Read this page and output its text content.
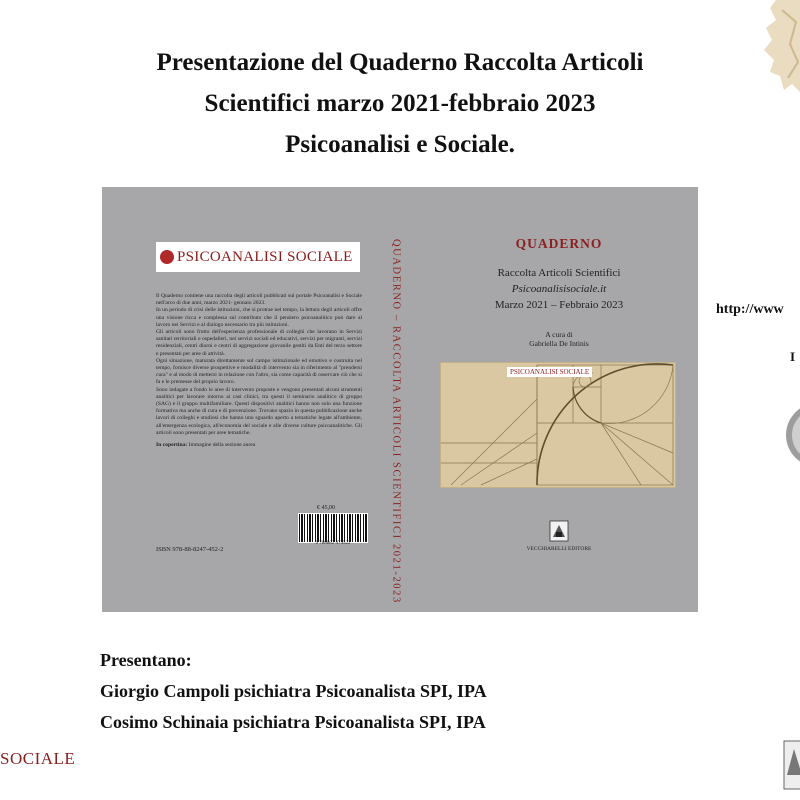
Presentazione del Quaderno Raccolta Articoli
Scientifici marzo 2021-febbraio 2023
Psicoanalisi e Sociale.
PSICOANALISI SOCIALE

Il Quaderno contiene una raccolta degli articoli pubblicati sul portale Psicoanalisi e Sociale nell'arco di due anni, marzo 2021- gennaio 2023.

In un periodo di crisi delle istituzioni, che si protrae nel tempo, la lettura degli articoli offre una visione ricca e complessa sul contributo che il pensiero psicoanalitico può dare al lavoro nei Servizi e al dialogo necessario tra più istituzioni.

Gli articoli sono frutto dell'esperienza professionale di colleghi che lavorano in Servizi sanitari territoriali e ospedalieri, nei servizi sociali ed educativi, servizi per migranti, servizi residenziali, centri diurni e centri di aggregazione giovanile gestiti da Enti del terzo settore e presentati per aree di attività.

Ogni situazione, maturata direttamente sul campo istituzionale ed emotivo e costruita nel tempo, fornisce diverse prospettive e modalità di intervento sia in riferimento al "prendersi cura" e al modo di mettersi in relazione con l'altro, sia come capacità di osservare ciò che si fa e le premesse del proprio lavoro.

Sono indagate a fondo le aree di intervento proposte e vengono presentati alcuni strumenti analitici per lavorare intorno ai casi clinici, tra questi il seminario analitico di gruppo (SAG) e il gruppo multifamiliare. Questi dispositivi analitici hanno non solo una funzione formativa ma anche di cura e di prevenzione. Trovano spazio in questa pubblicazione anche lavori di colleghi e studiosi che hanno uno sguardo aperto a tematiche legate all'ambiente, all'emergenza ecologica, all'economia del sociale e alle diverse culture psicoanalitiche. Gli articoli sono presentati per aree tematiche.

In copertina: Immagine della sezione aurea

€ 45,00
9 788882 474522
ISBN 978-88-8247-452-2	QUADERNO – RACCOLTA ARTICOLI SCIENTIFICI 2021-2023	QUADERNO
Raccolta Articoli Scientifici
Psicoanalisisociale.it
Marzo 2021 – Febbraio 2023
A cura di
Gabriella De Intinis
PSICOANALISI SOCIALE
VECCHIARELLI EDITORE
http://www
I
Presentano:
Giorgio Campoli psichiatra Psicoanalista SPI, IPA
Cosimo Schinaia psichiatra Psicoanalista SPI, IPA
SOCIALE
